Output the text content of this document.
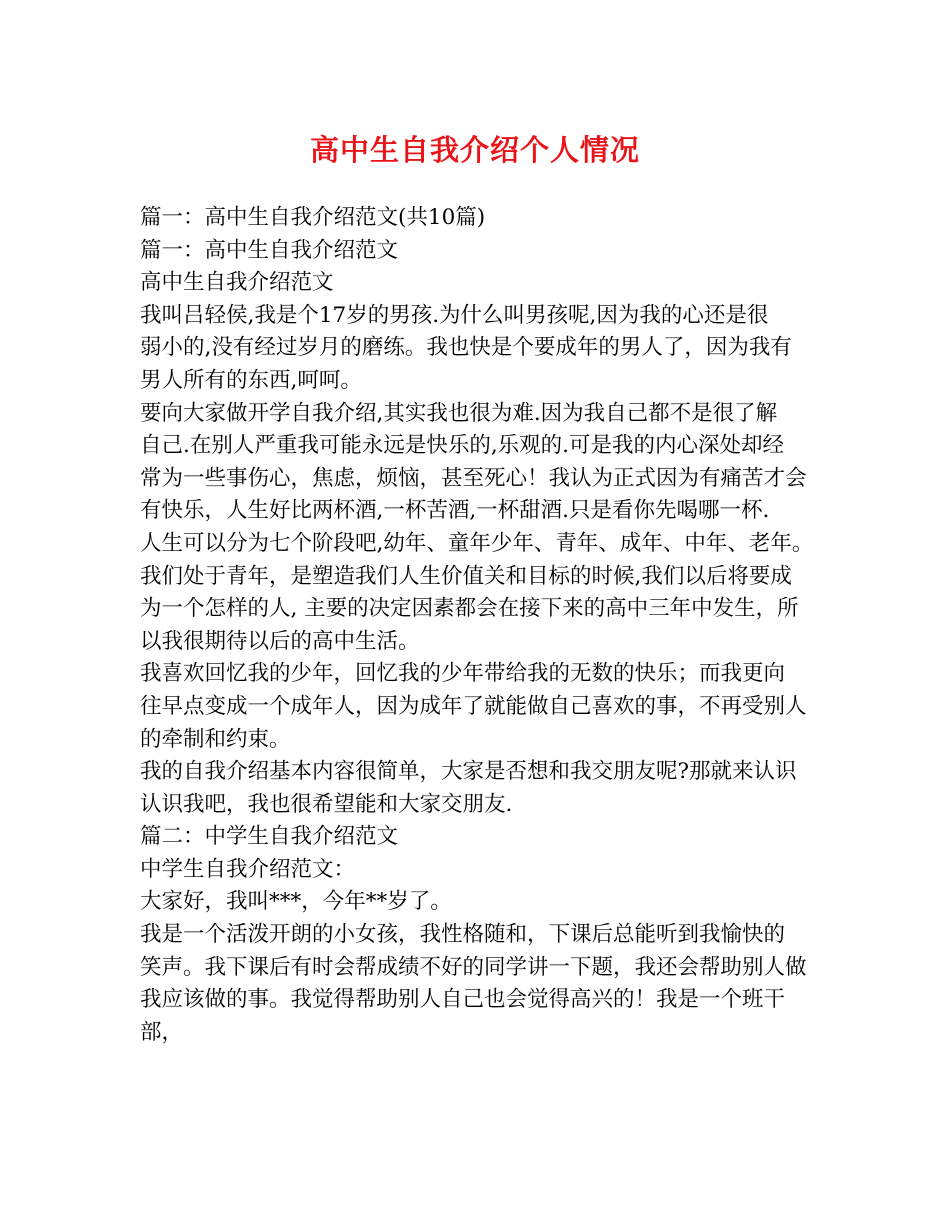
高中生自我介绍个人情况

篇一：高中生自我介绍范文(共10篇)

篇一：高中生自我介绍范文

高中生自我介绍范文

我叫吕轻侯,我是个17岁的男孩.为什么叫男孩呢,因为我的心还是很

弱小的,没有经过岁月的磨练。我也快是个要成年的男人了，因为我有

男人所有的东西,呵呵。

要向大家做开学自我介绍,其实我也很为难.因为我自己都不是很了解

自己.在别人严重我可能永远是快乐的,乐观的.可是我的内心深处却经

常为一些事伤心，焦虑，烦恼，甚至死心！我认为正式因为有痛苦才会

有快乐，人生好比两杯酒,一杯苦酒,一杯甜酒.只是看你先喝哪一杯.

人生可以分为七个阶段吧,幼年、童年少年、青年、成年、中年、老年。

我们处于青年，是塑造我们人生价值关和目标的时候,我们以后将要成

为一个怎样的人, 主要的决定因素都会在接下来的高中三年中发生，所

以我很期待以后的高中生活。

我喜欢回忆我的少年，回忆我的少年带给我的无数的快乐；而我更向

往早点变成一个成年人，因为成年了就能做自己喜欢的事，不再受别人

的牵制和约束。

我的自我介绍基本内容很简单，大家是否想和我交朋友呢?那就来认识

认识我吧，我也很希望能和大家交朋友.

篇二：中学生自我介绍范文

中学生自我介绍范文：

大家好，我叫***，今年**岁了。

我是一个活泼开朗的小女孩，我性格随和，下课后总能听到我愉快的

笑声。我下课后有时会帮成绩不好的同学讲一下题，我还会帮助别人做

我应该做的事。我觉得帮助别人自己也会觉得高兴的！我是一个班干部，
